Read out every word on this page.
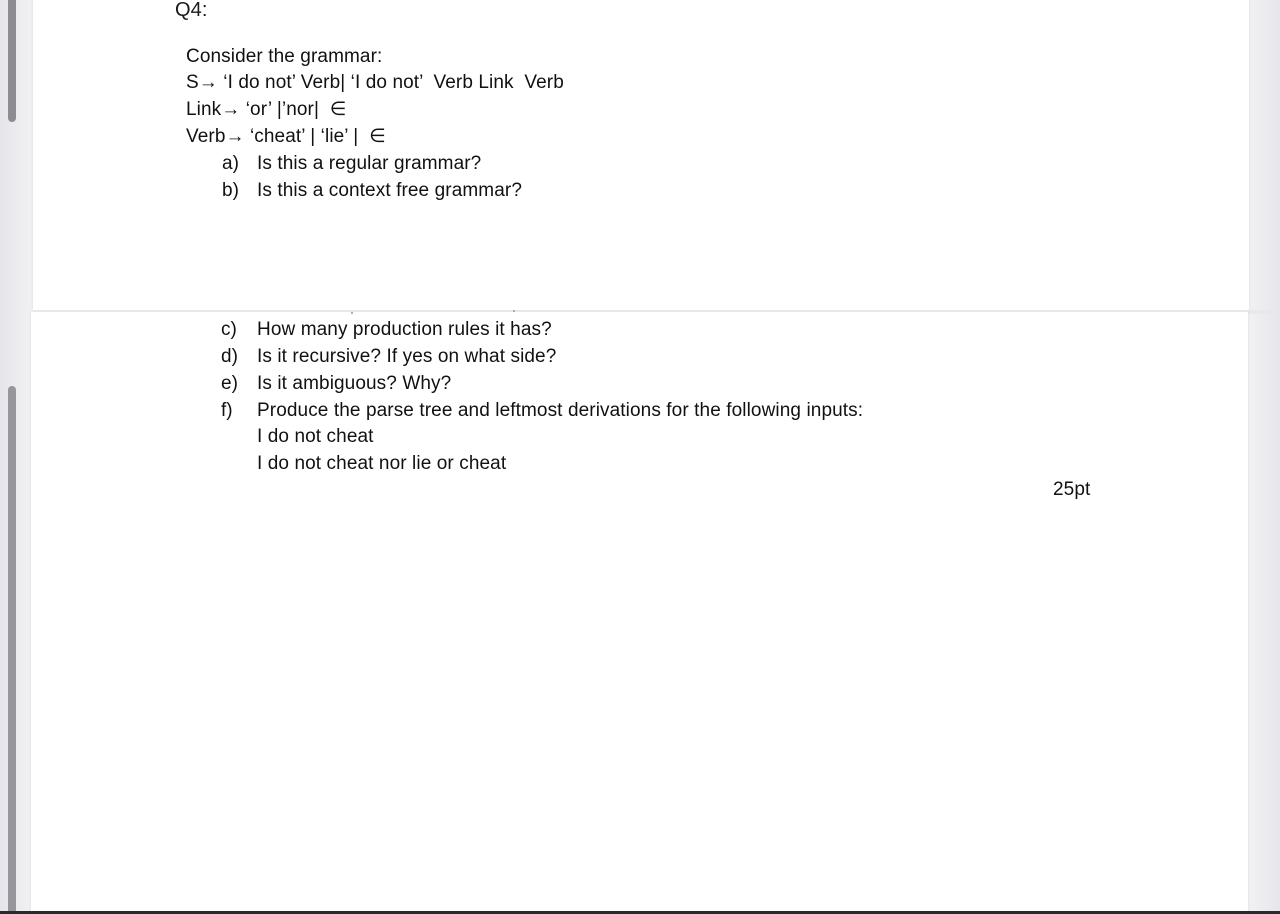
Q4:
Consider the grammar:
S→ ‘I do not’ Verb| ‘I do not’  Verb Link  Verb
Link→ ‘or’ |’nor|  ∈
Verb→ ‘cheat’ | ‘lie’ |  ∈
a) Is this a regular grammar?
b) Is this a context free grammar?
c) How many production rules it has?
d) Is it recursive? If yes on what side?
e) Is it ambiguous? Why?
f) Produce the parse tree and leftmost derivations for the following inputs:
I do not cheat
I do not cheat nor lie or cheat
25pt
